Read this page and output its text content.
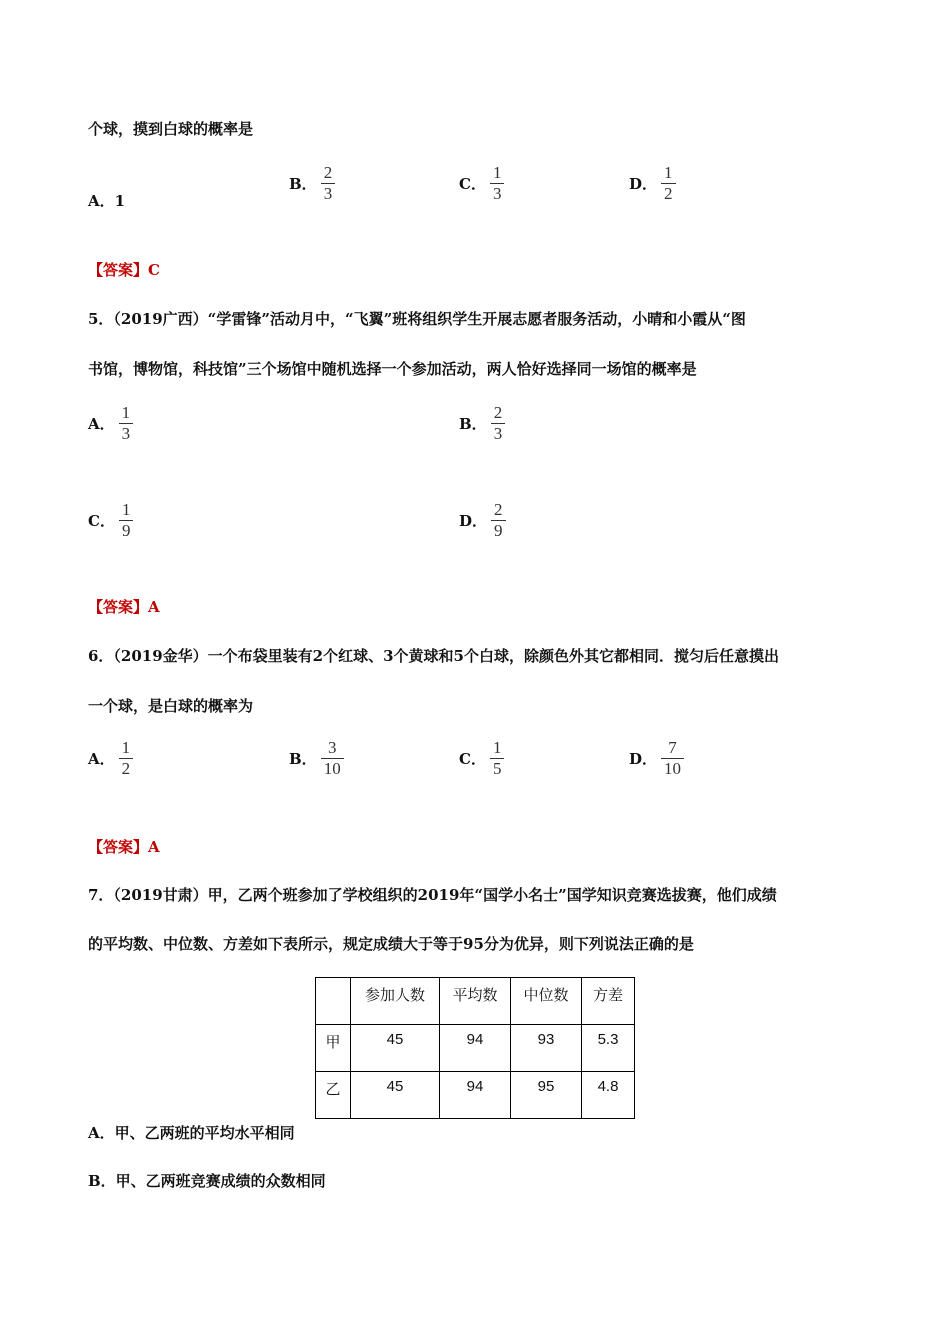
个球，摸到白球的概率是
A．1
B． $\frac{2}{3}$	C． $\frac{1}{3}$	D． $\frac{1}{2}$
【答案】C
5．（2019广西）“学雷锋”活动月中，“飞翼”班将组织学生开展志愿者服务活动，小晴和小霞从“图
书馆，博物馆，科技馆”三个场馆中随机选择一个参加活动，两人恰好选择同一场馆的概率是
A． $\frac{1}{3}$	B． $\frac{2}{3}$
C． $\frac{1}{9}$	D． $\frac{2}{9}$
【答案】A
6．（2019金华）一个布袋里装有2个红球、3个黄球和5个白球，除颜色外其它都相同．搅匀后任意摸出
一个球，是白球的概率为
A． $\frac{1}{2}$	B． $\frac{3}{10}$	C． $\frac{1}{5}$	D． $\frac{7}{10}$
【答案】A
7．（2019甘肃）甲，乙两个班参加了学校组织的2019年“国学小名士”国学知识竞赛选拔赛，他们成绩
的平均数、中位数、方差如下表所示，规定成绩大于等于95分为优异，则下列说法正确的是
	参加人数	平均数	中位数	方差
甲	45	94	93	5.3
乙	45	94	95	4.8
A．甲、乙两班的平均水平相同
B．甲、乙两班竞赛成绩的众数相同
